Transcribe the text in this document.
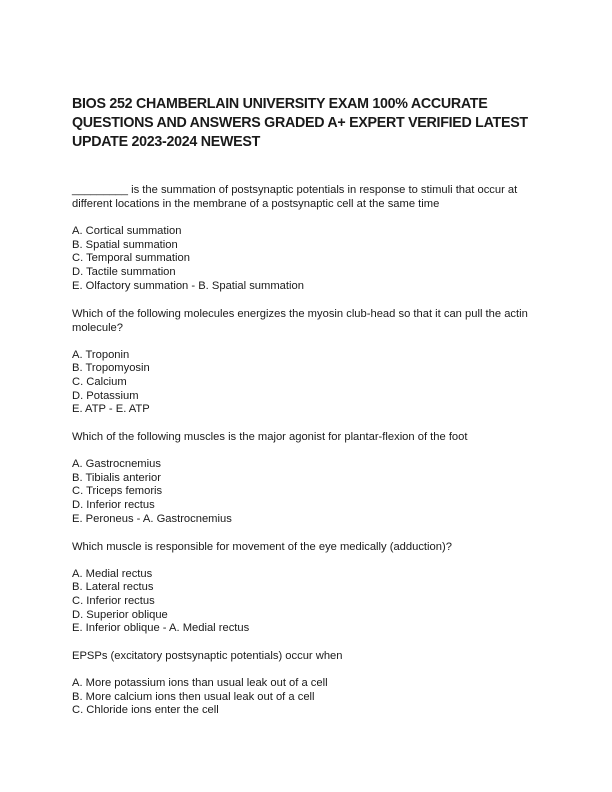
BIOS 252 CHAMBERLAIN UNIVERSITY EXAM 100% ACCURATE QUESTIONS AND ANSWERS GRADED A+ EXPERT VERIFIED LATEST UPDATE 2023-2024 NEWEST
_________ is the summation of postsynaptic potentials in response to stimuli that occur at different locations in the membrane of a postsynaptic cell at the same time
A. Cortical summation
B. Spatial summation
C. Temporal summation
D. Tactile summation
E. Olfactory summation - B. Spatial summation
Which of the following molecules energizes the myosin club-head so that it can pull the actin molecule?
A. Troponin
B. Tropomyosin
C. Calcium
D. Potassium
E. ATP - E. ATP
Which of the following muscles is the major agonist for plantar-flexion of the foot
A. Gastrocnemius
B. Tibialis anterior
C. Triceps femoris
D. Inferior rectus
E. Peroneus - A. Gastrocnemius
Which muscle is responsible for movement of the eye medically (adduction)?
A. Medial rectus
B. Lateral rectus
C. Inferior rectus
D. Superior oblique
E. Inferior oblique - A. Medial rectus
EPSPs (excitatory postsynaptic potentials) occur when
A. More potassium ions than usual leak out of a cell
B. More calcium ions then usual leak out of a cell
C. Chloride ions enter the cell
